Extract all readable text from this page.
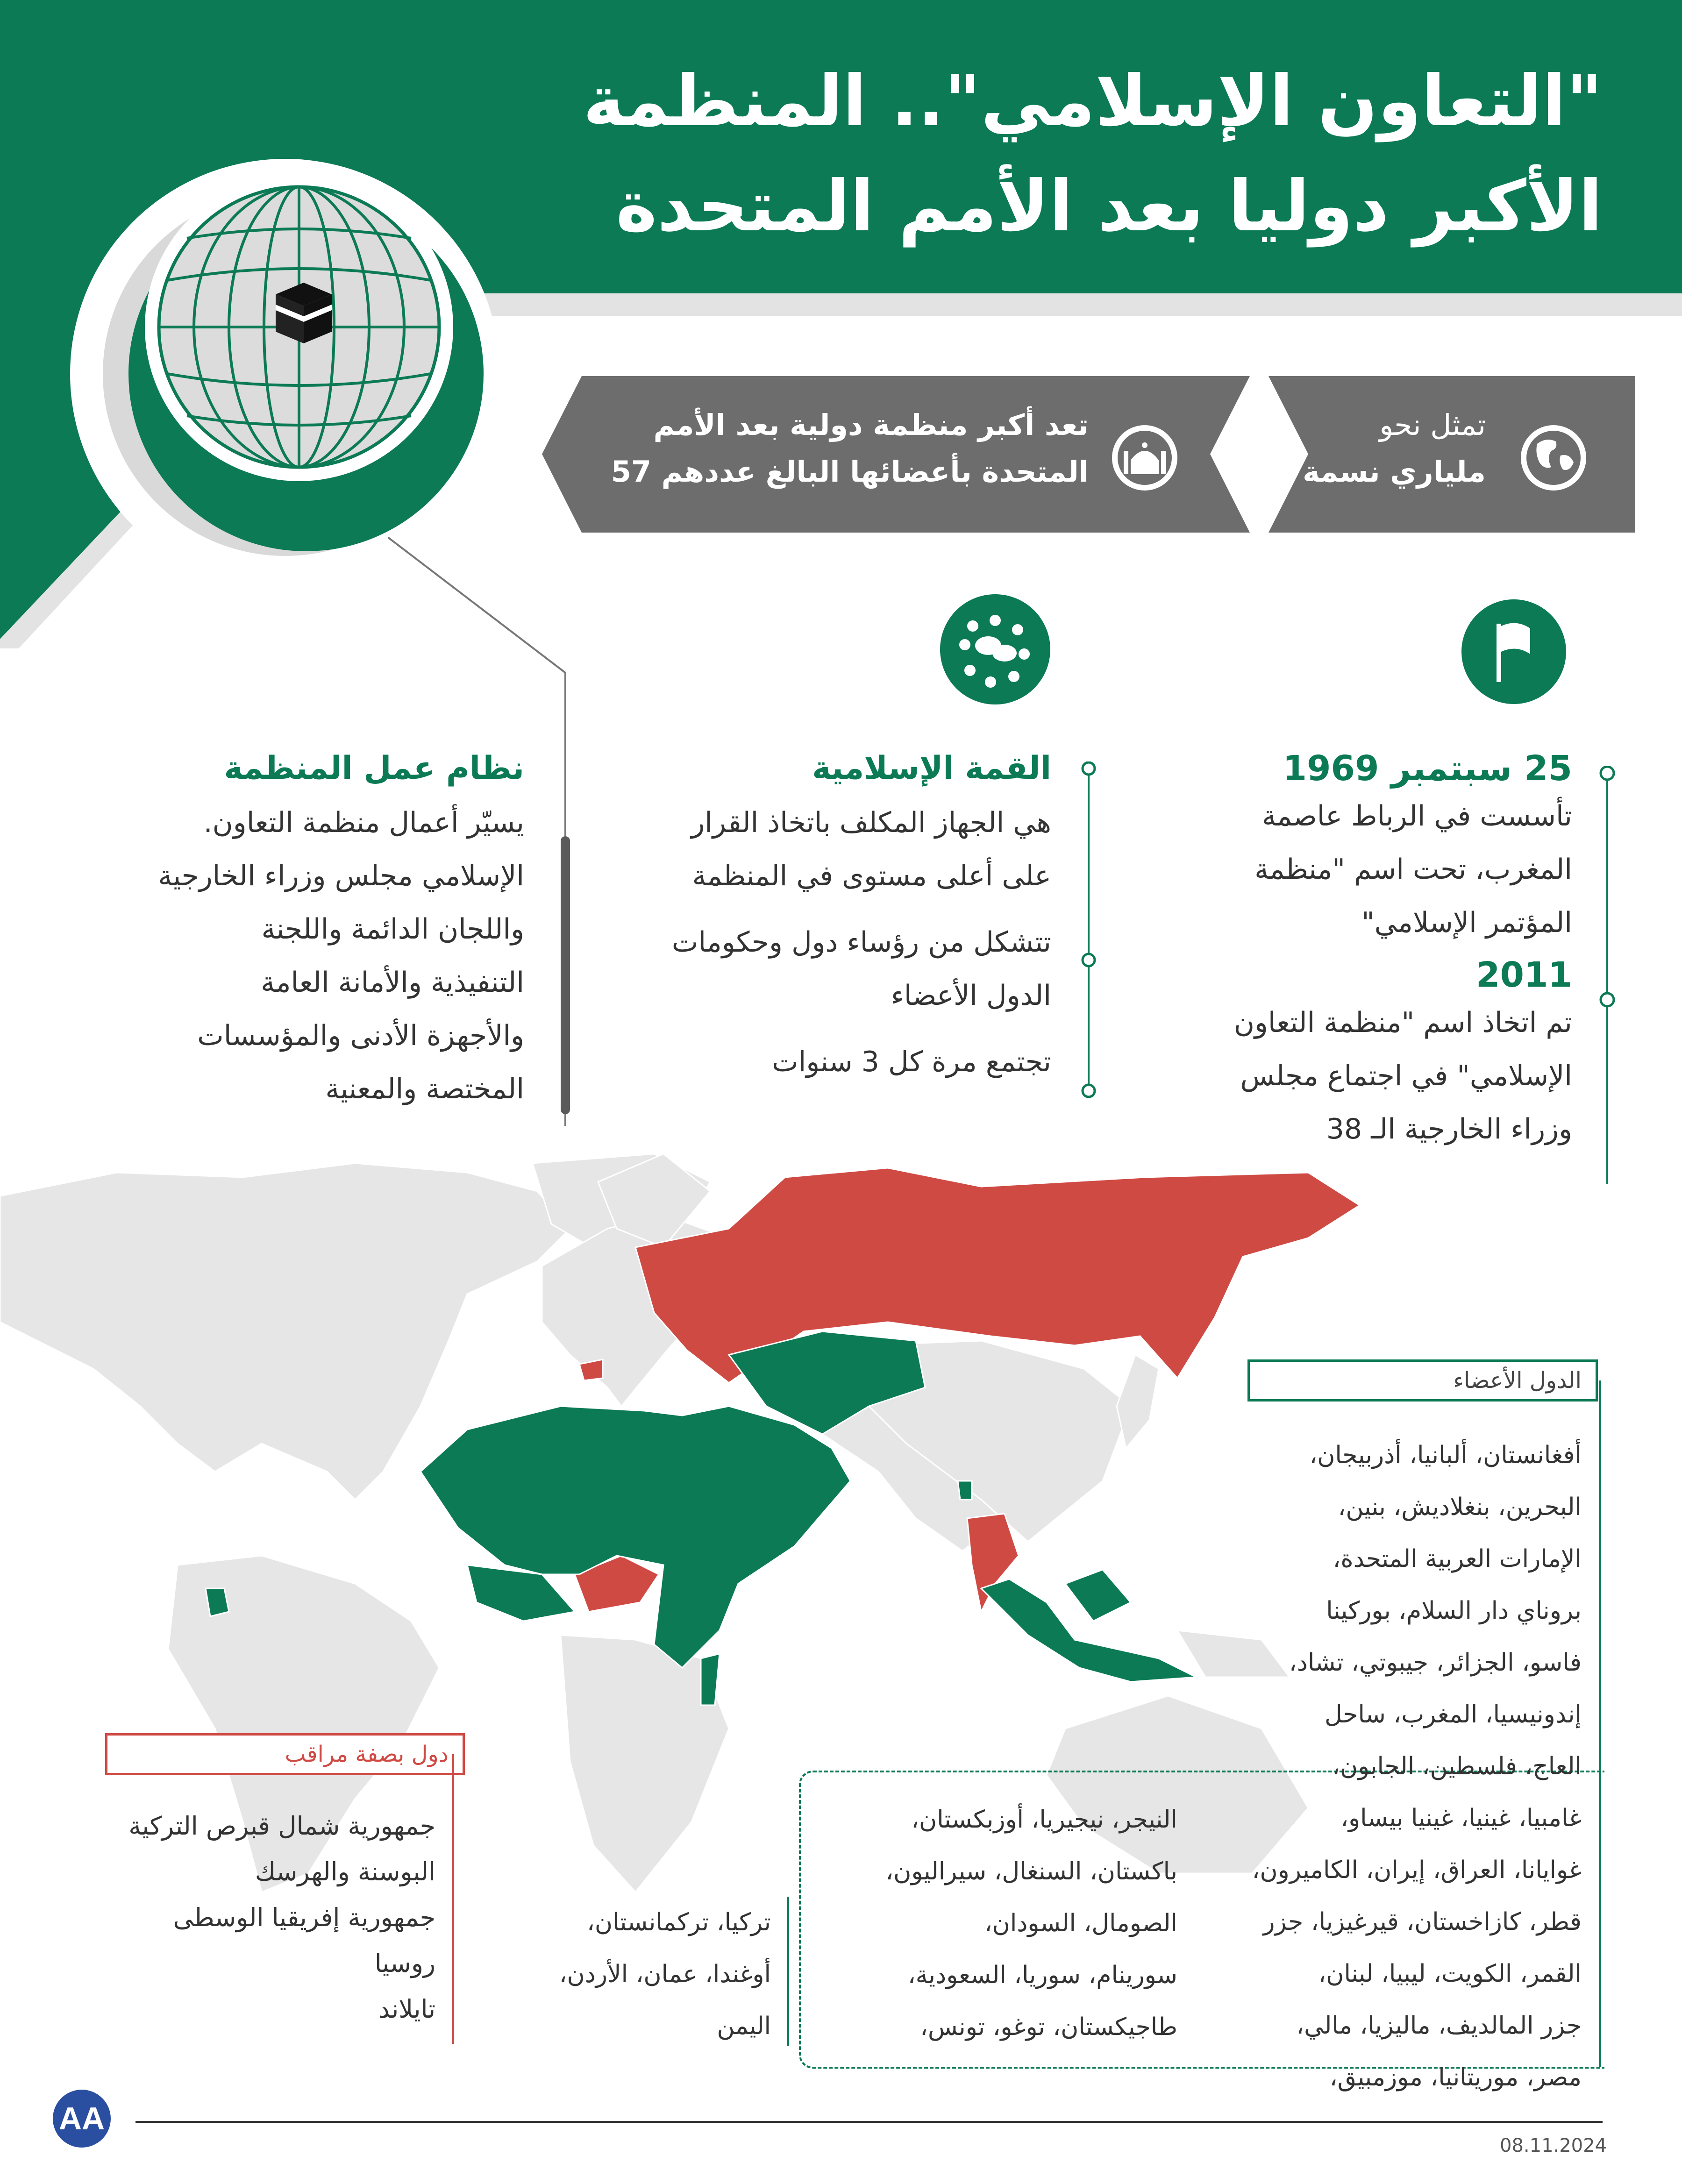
"التعاون الإسلامي".. المنظمة
الأكبر دوليا بعد الأمم المتحدة
تمثل نحو
ملياري نسمة
تعد أكبر منظمة دولية بعد الأمم
المتحدة بأعضائها البالغ عددهم 57
25 سبتمبر 1969
تأسست في الرباط عاصمة
المغرب، تحت اسم "منظمة
المؤتمر الإسلامي"
2011
تم اتخاذ اسم "منظمة التعاون
الإسلامي" في اجتماع مجلس
وزراء الخارجية الـ 38
القمة الإسلامية
هي الجهاز المكلف باتخاذ القرار
على أعلى مستوى في المنظمة
تتشكل من رؤساء دول وحكومات
الدول الأعضاء
تجتمع مرة كل 3 سنوات
نظام عمل المنظمة
يسيّر أعمال منظمة التعاون.
الإسلامي مجلس وزراء الخارجية
واللجان الدائمة واللجنة
التنفيذية والأمانة العامة
والأجهزة الأدنى والمؤسسات
المختصة والمعنية
الدول الأعضاء
أفغانستان، ألبانيا، أذربيجان،
البحرين، بنغلاديش، بنين،
الإمارات العربية المتحدة،
بروناي دار السلام، بوركينا
فاسو، الجزائر، جيبوتي، تشاد،
إندونيسيا، المغرب، ساحل
العاج، فلسطين، الجابون،
غامبيا، غينيا، غينيا بيساو،
غوايانا، العراق، إيران، الكاميرون،
قطر، كازاخستان، قيرغيزيا، جزر
القمر، الكويت، ليبيا، لبنان،
جزر المالديف، ماليزيا، مالي،
مصر، موريتانيا، موزمبيق،
النيجر، نيجيريا، أوزبكستان،
باكستان، السنغال، سيراليون،
الصومال، السودان،
سورينام، سوريا، السعودية،
طاجيكستان، توغو، تونس،
تركيا، تركمانستان،
أوغندا، عمان، الأردن،
اليمن
دول بصفة مراقب
جمهورية شمال قبرص التركية
البوسنة والهرسك
جمهورية إفريقيا الوسطى
روسيا
تايلاند
AA
08.11.2024
